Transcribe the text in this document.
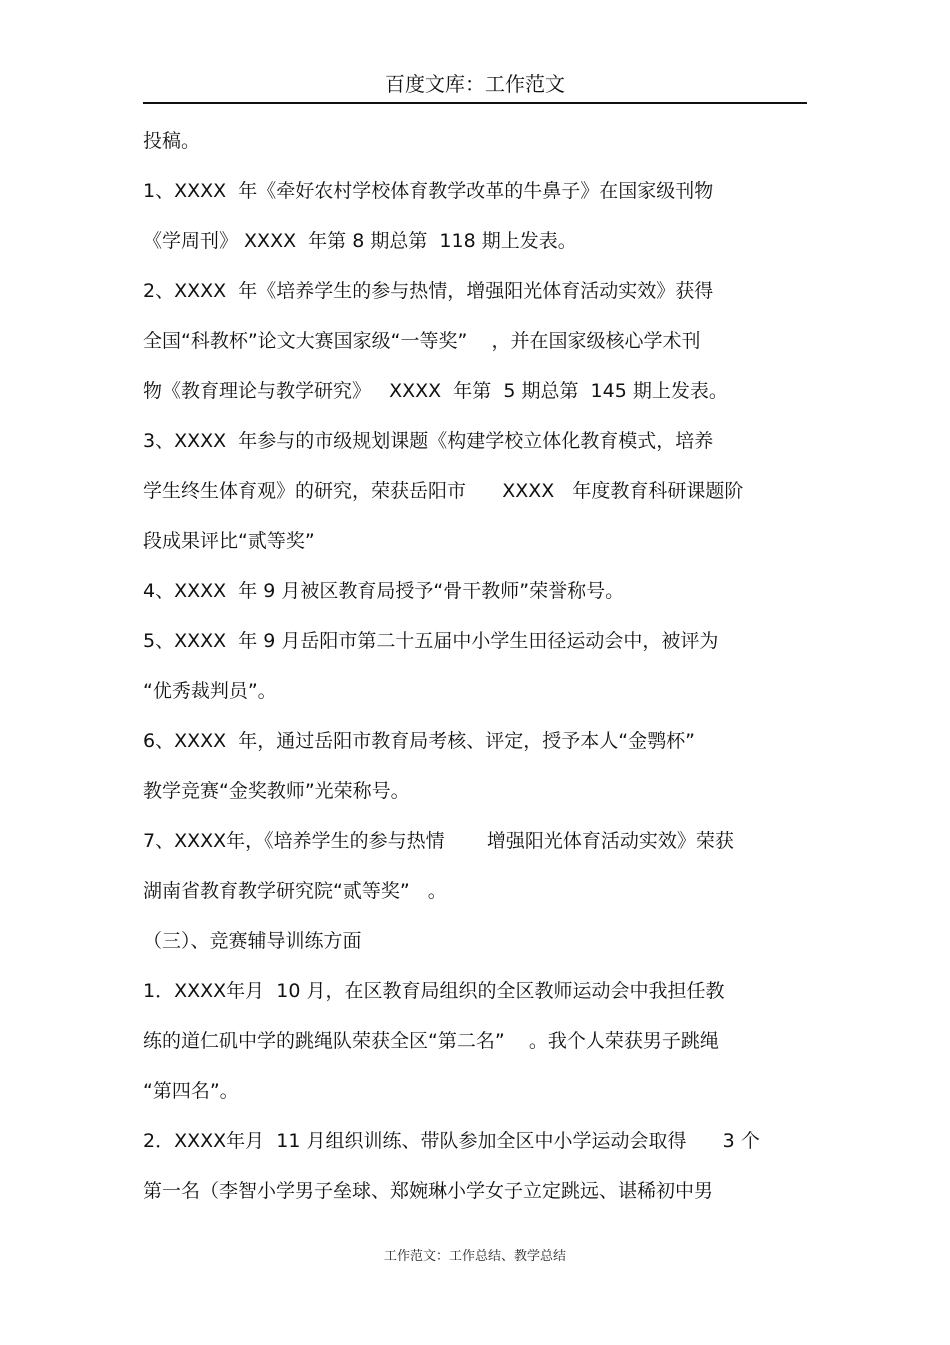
百度文库：工作范文
投稿。
1、XXXX  年《牵好农村学校体育教学改革的牛鼻子》在国家级刊物
《学周刊》 XXXX  年第 8 期总第  118 期上发表。
2、XXXX  年《培养学生的参与热情，增强阳光体育活动实效》获得
全国“科教杯”论文大赛国家级“一等奖”    ，并在国家级核心学术刊
物《教育理论与教学研究》   XXXX  年第  5 期总第  145 期上发表。
3、XXXX  年参与的市级规划课题《构建学校立体化教育模式，培养
学生终生体育观》的研究，荣获岳阳市      XXXX   年度教育科研课题阶
段成果评比“贰等奖”
4、XXXX  年 9 月被区教育局授予“骨干教师”荣誉称号。
5、XXXX  年 9 月岳阳市第二十五届中小学生田径运动会中，被评为
“优秀裁判员”。
6、XXXX  年，通过岳阳市教育局考核、评定，授予本人“金鹗杯”
教学竞赛“金奖教师”光荣称号。
7、XXXX年，《培养学生的参与热情       增强阳光体育活动实效》荣获
湖南省教育教学研究院“贰等奖”   。
（三）、竞赛辅导训练方面
1．XXXX年月  10 月，在区教育局组织的全区教师运动会中我担任教
练的道仁矶中学的跳绳队荣获全区“第二名”    。我个人荣获男子跳绳
“第四名”。
2．XXXX年月  11 月组织训练、带队参加全区中小学运动会取得      3 个
第一名（李智小学男子垒球、郑婉琳小学女子立定跳远、谌稀初中男
工作范文：工作总结、教学总结
